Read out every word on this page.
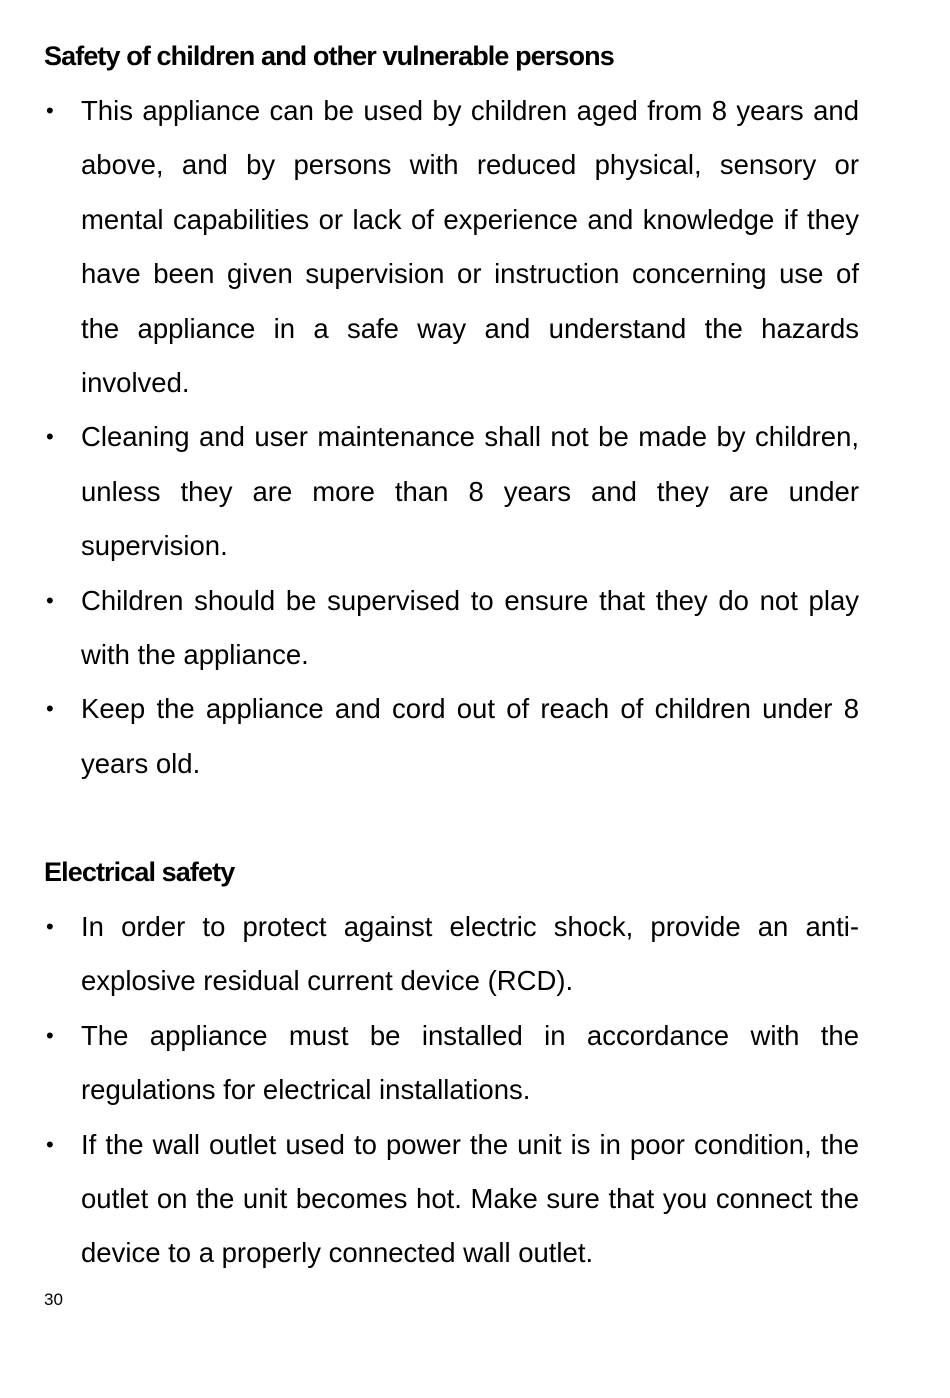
Safety of children and other vulnerable persons
• This appliance can be used by children aged from 8 years and above, and by persons with reduced physical, sensory or mental capabilities or lack of experience and knowledge if they have been given supervision or instruction concerning use of the appliance in a safe way and understand the hazards involved.
• Cleaning and user maintenance shall not be made by children, unless they are more than 8 years and they are under supervision.
• Children should be supervised to ensure that they do not play with the appliance.
• Keep the appliance and cord out of reach of children under 8 years old.
Electrical safety
• In order to protect against electric shock, provide an anti-explosive residual current device (RCD).
• The appliance must be installed in accordance with the regulations for electrical installations.
• If the wall outlet used to power the unit is in poor condition, the outlet on the unit becomes hot. Make sure that you connect the device to a properly connected wall outlet.
30
